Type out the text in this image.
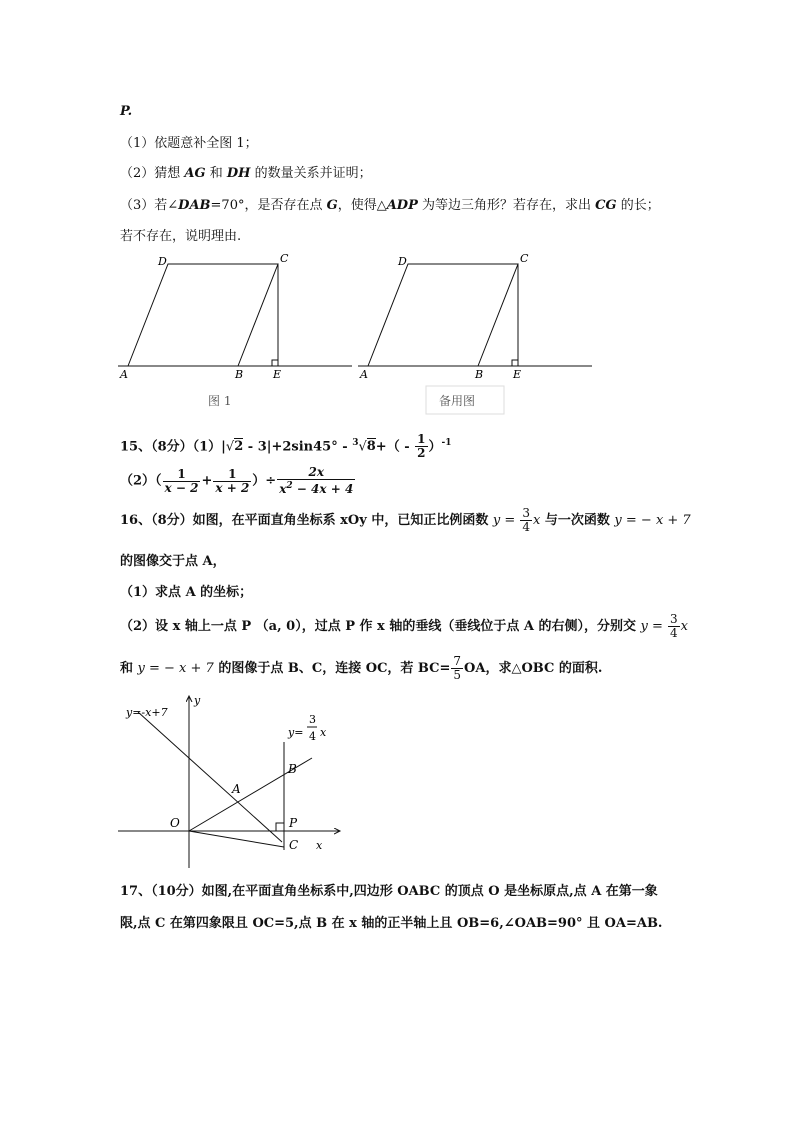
P.
（1）依题意补全图 1；
（2）猜想 AG 和 DH 的数量关系并证明；
（3）若∠DAB=70°，是否存在点 G，使得△ADP 为等边三角形？若存在，求出 CG 的长；
若不存在，说明理由.
D	C
A	B	E
图 1
D	C
A	B	E
备用图
15、（8分）$(1)|√2 - 3|+2\sin 45^\circ - ^3√8+( - \frac{1}{2} )^{-1}$
$(2)( \frac{1}{x - 2} + \frac{1}{x + 2}$ ）÷ $\frac{2x}{x^2 - 4x + 4}$
16、（8分）如图，在平面直角坐标系 xOy 中，已知正比例函数 $y = \frac{3}{4}$ x 与一次函数 y = − x + 7
的图像交于点 A，
（1）求点 A 的坐标；
（2）设 x 轴上一点 P （a, 0），过点 P 作 x 轴的垂线（垂线位于点 A 的右侧），分别交 $y = \frac{3}{4}$ x
和 y = − x + 7 的图像于点 B、C，连接 OC，若 $BC= \frac{7}{5}$ OA，求△OBC 的面积.
y=-x+7
y
y=
3
4 x
B
A
O	P
C x
17、（10分）如图,在平面直角坐标系中,四边形 OABC 的顶点 O 是坐标原点,点 A 在第一象
限,点 C 在第四象限且 OC=5,点 B 在 x 轴的正半轴上且 OB=6,∠OAB=90° 且 OA=AB.
